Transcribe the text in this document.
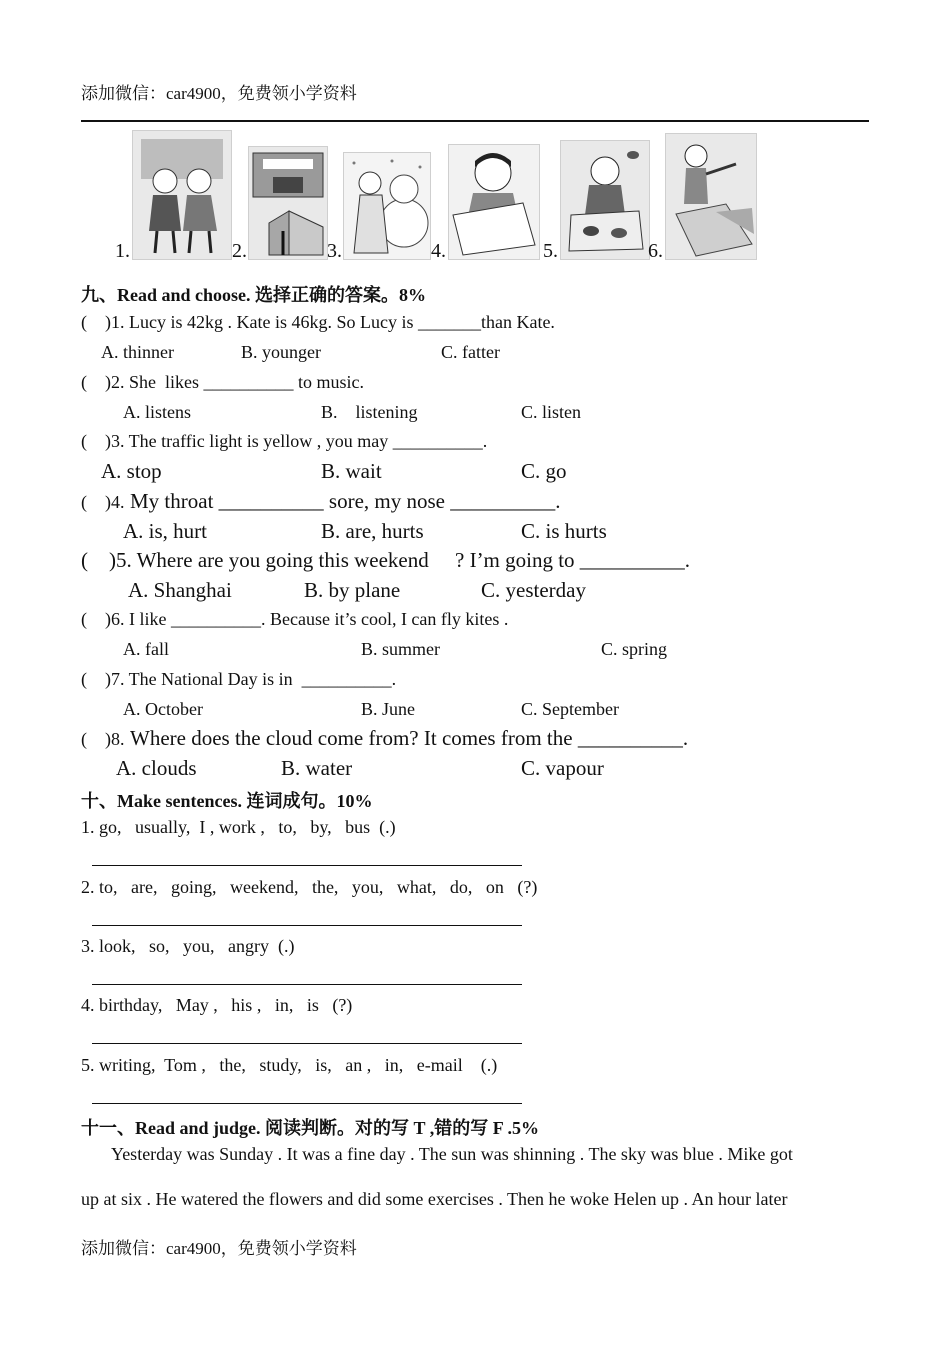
添加微信：car4900，免费领小学资料
1.	2.	3.	4.	5.	6.
九、Read and choose. 选择正确的答案。8%
(    )1. Lucy is 42kg . Kate is 46kg. So Lucy is _______than Kate.
A. thinner	B. younger	C. fatter
(    )2. She  likes __________ to music.
A. listens	B.    listening	C. listen
(    )3. The traffic light is yellow , you may __________.
A. stop	B. wait	C. go
(    )4. My throat __________ sore, my nose __________.
A. is, hurt	B. are, hurts	C. is hurts
(    )5. Where are you going this weekend     ? I’m going to __________.
A. Shanghai	B. by plane	C. yesterday
(    )6. I like __________. Because it’s cool, I can fly kites .
A. fall	B. summer	C. spring
(    )7. The National Day is in  __________.
A. October	B. June	C. September
(    )8. Where does the cloud come from? It comes from the __________.
A. clouds	B. water	C. vapour
十、Make sentences. 连词成句。10%
1. go,   usually,  I , work ,   to,   by,   bus  (.)
2. to,   are,   going,   weekend,   the,   you,   what,   do,   on   (?)
3. look,   so,   you,   angry  (.)
4. birthday,   May ,   his ,   in,   is   (?)
5. writing,  Tom ,   the,   study,   is,   an ,   in,   e-mail    (.)
十一、Read and judge. 阅读判断。对的写 T ,错的写 F .5%
Yesterday was Sunday . It was a fine day . The sun was shinning . The sky was blue . Mike got
up at six . He watered the flowers and did some exercises . Then he woke Helen up . An hour later
添加微信：car4900，免费领小学资料
